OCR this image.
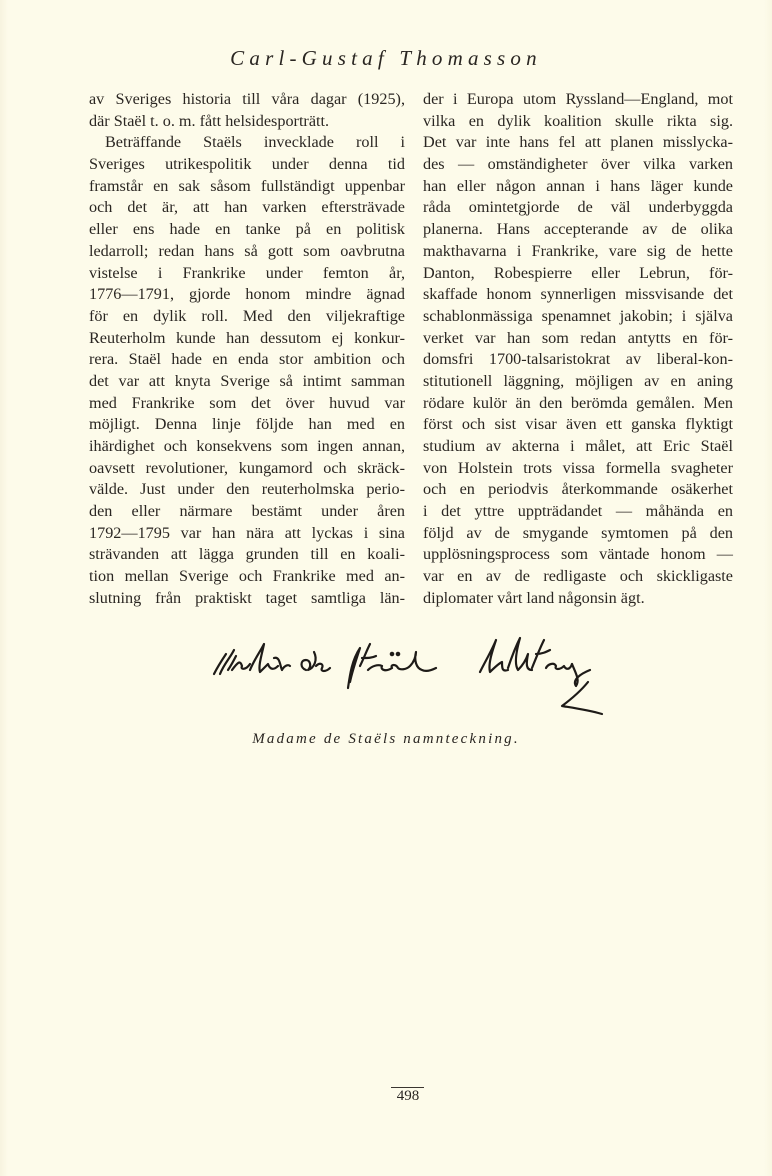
Carl-Gustaf Thomasson
av Sveriges historia till våra dagar (1925),
där Staël t. o. m. fått helsidesporträtt.
Beträffande Staëls invecklade roll i
Sveriges utrikespolitik under denna tid
framstår en sak såsom fullständigt uppenbar
och det är, att han varken eftersträvade
eller ens hade en tanke på en politisk
ledarroll; redan hans så gott som oavbrutna
vistelse i Frankrike under femton år,
1776—1791, gjorde honom mindre ägnad
för en dylik roll. Med den viljekraftige
Reuterholm kunde han dessutom ej konkur-
rera. Staël hade en enda stor ambition och
det var att knyta Sverige så intimt samman
med Frankrike som det över huvud var
möjligt. Denna linje följde han med en
ihärdighet och konsekvens som ingen annan,
oavsett revolutioner, kungamord och skräck-
välde. Just under den reuterholmska perio-
den eller närmare bestämt under åren
1792—1795 var han nära att lyckas i sina
strävanden att lägga grunden till en koali-
tion mellan Sverige och Frankrike med an-
slutning från praktiskt taget samtliga län-
der i Europa utom Ryssland—England, mot
vilka en dylik koalition skulle rikta sig.
Det var inte hans fel att planen misslycka-
des — omständigheter över vilka varken
han eller någon annan i hans läger kunde
råda omintetgjorde de väl underbyggda
planerna. Hans accepterande av de olika
makthavarna i Frankrike, vare sig de hette
Danton, Robespierre eller Lebrun, för-
skaffade honom synnerligen missvisande det
schablonmässiga spenamnet jakobin; i själva
verket var han som redan antytts en för-
domsfri 1700-talsaristokrat av liberal-kon-
stitutionell läggning, möjligen av en aning
rödare kulör än den berömda gemålen. Men
först och sist visar även ett ganska flyktigt
studium av akterna i målet, att Eric Staël
von Holstein trots vissa formella svagheter
och en periodvis återkommande osäkerhet
i det yttre uppträdandet — måhända en
följd av de smygande symtomen på den
upplösningsprocess som väntade honom —
var en av de redligaste och skickligaste
diplomater vårt land någonsin ägt.
Madame de Staëls namnteckning.
498
